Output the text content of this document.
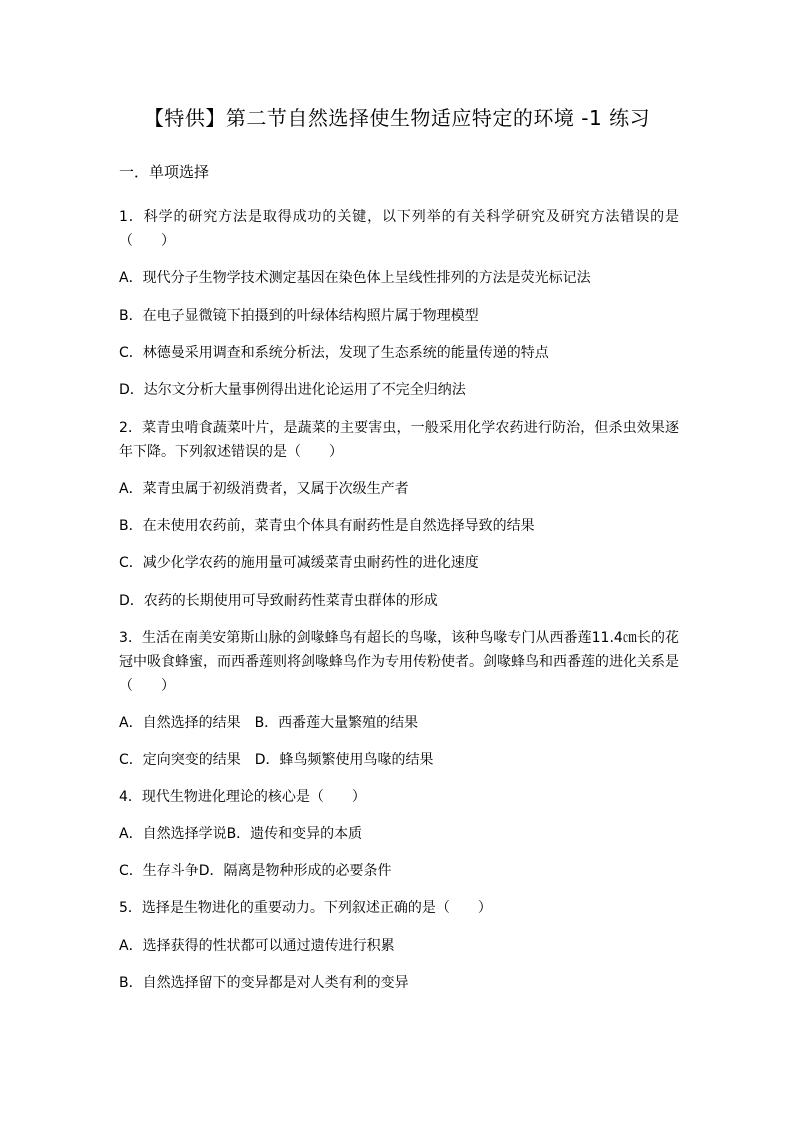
【特供】第二节自然选择使生物适应特定的环境 -1 练习
一．单项选择
1．科学的研究方法是取得成功的关键，以下列举的有关科学研究及研究方法错误的是（　　）
A．现代分子生物学技术测定基因在染色体上呈线性排列的方法是荧光标记法
B．在电子显微镜下拍摄到的叶绿体结构照片属于物理模型
C．林德曼采用调查和系统分析法，发现了生态系统的能量传递的特点
D．达尔文分析大量事例得出进化论运用了不完全归纳法
2．菜青虫啃食蔬菜叶片，是蔬菜的主要害虫，一般采用化学农药进行防治，但杀虫效果逐年下降。下列叙述错误的是（　　）
A．菜青虫属于初级消费者，又属于次级生产者
B．在未使用农药前，菜青虫个体具有耐药性是自然选择导致的结果
C．减少化学农药的施用量可减缓菜青虫耐药性的进化速度
D．农药的长期使用可导致耐药性菜青虫群体的形成
3．生活在南美安第斯山脉的剑喙蜂鸟有超长的鸟喙，该种鸟喙专门从西番莲11.4㎝长的花冠中吸食蜂蜜，而西番莲则将剑喙蜂鸟作为专用传粉使者。剑喙蜂鸟和西番莲的进化关系是（　　）
A．自然选择的结果　B．西番莲大量繁殖的结果
C．定向突变的结果　D．蜂鸟频繁使用鸟喙的结果
4．现代生物进化理论的核心是（　　）
A．自然选择学说B．遗传和变异的本质
C．生存斗争D．隔离是物种形成的必要条件
5．选择是生物进化的重要动力。下列叙述正确的是（　　）
A．选择获得的性状都可以通过遗传进行积累
B．自然选择留下的变异都是对人类有利的变异
